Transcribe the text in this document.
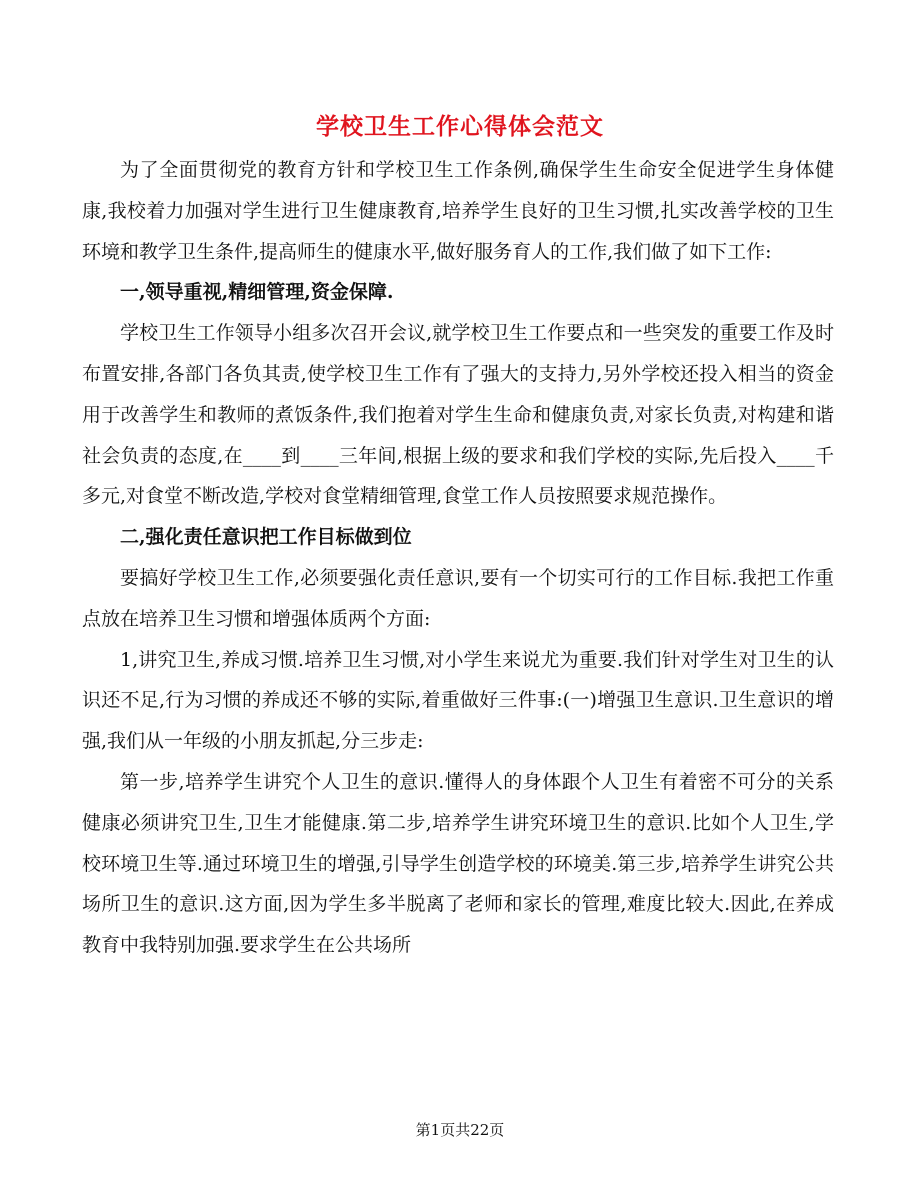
学校卫生工作心得体会范文

为了全面贯彻党的教育方针和学校卫生工作条例,确保学生生命安全促进学生身体健康,我校着力加强对学生进行卫生健康教育,培养学生良好的卫生习惯,扎实改善学校的卫生环境和教学卫生条件,提高师生的健康水平,做好服务育人的工作,我们做了如下工作:

一,领导重视,精细管理,资金保障.

学校卫生工作领导小组多次召开会议,就学校卫生工作要点和一些突发的重要工作及时布置安排,各部门各负其责,使学校卫生工作有了强大的支持力,另外学校还投入相当的资金用于改善学生和教师的煮饭条件,我们抱着对学生生命和健康负责,对家长负责,对构建和谐社会负责的态度,在____到____三年间,根据上级的要求和我们学校的实际,先后投入____千多元,对食堂不断改造,学校对食堂精细管理,食堂工作人员按照要求规范操作。

二,强化责任意识把工作目标做到位

要搞好学校卫生工作,必须要强化责任意识,要有一个切实可行的工作目标.我把工作重点放在培养卫生习惯和增强体质两个方面:

1,讲究卫生,养成习惯.培养卫生习惯,对小学生来说尤为重要.我们针对学生对卫生的认识还不足,行为习惯的养成还不够的实际,着重做好三件事:(一)增强卫生意识.卫生意识的增强,我们从一年级的小朋友抓起,分三步走:

第一步,培养学生讲究个人卫生的意识.懂得人的身体跟个人卫生有着密不可分的关系健康必须讲究卫生,卫生才能健康.第二步,培养学生讲究环境卫生的意识.比如个人卫生,学校环境卫生等.通过环境卫生的增强,引导学生创造学校的环境美.第三步,培养学生讲究公共场所卫生的意识.这方面,因为学生多半脱离了老师和家长的管理,难度比较大.因此,在养成教育中我特别加强.要求学生在公共场所

第1页共22页
